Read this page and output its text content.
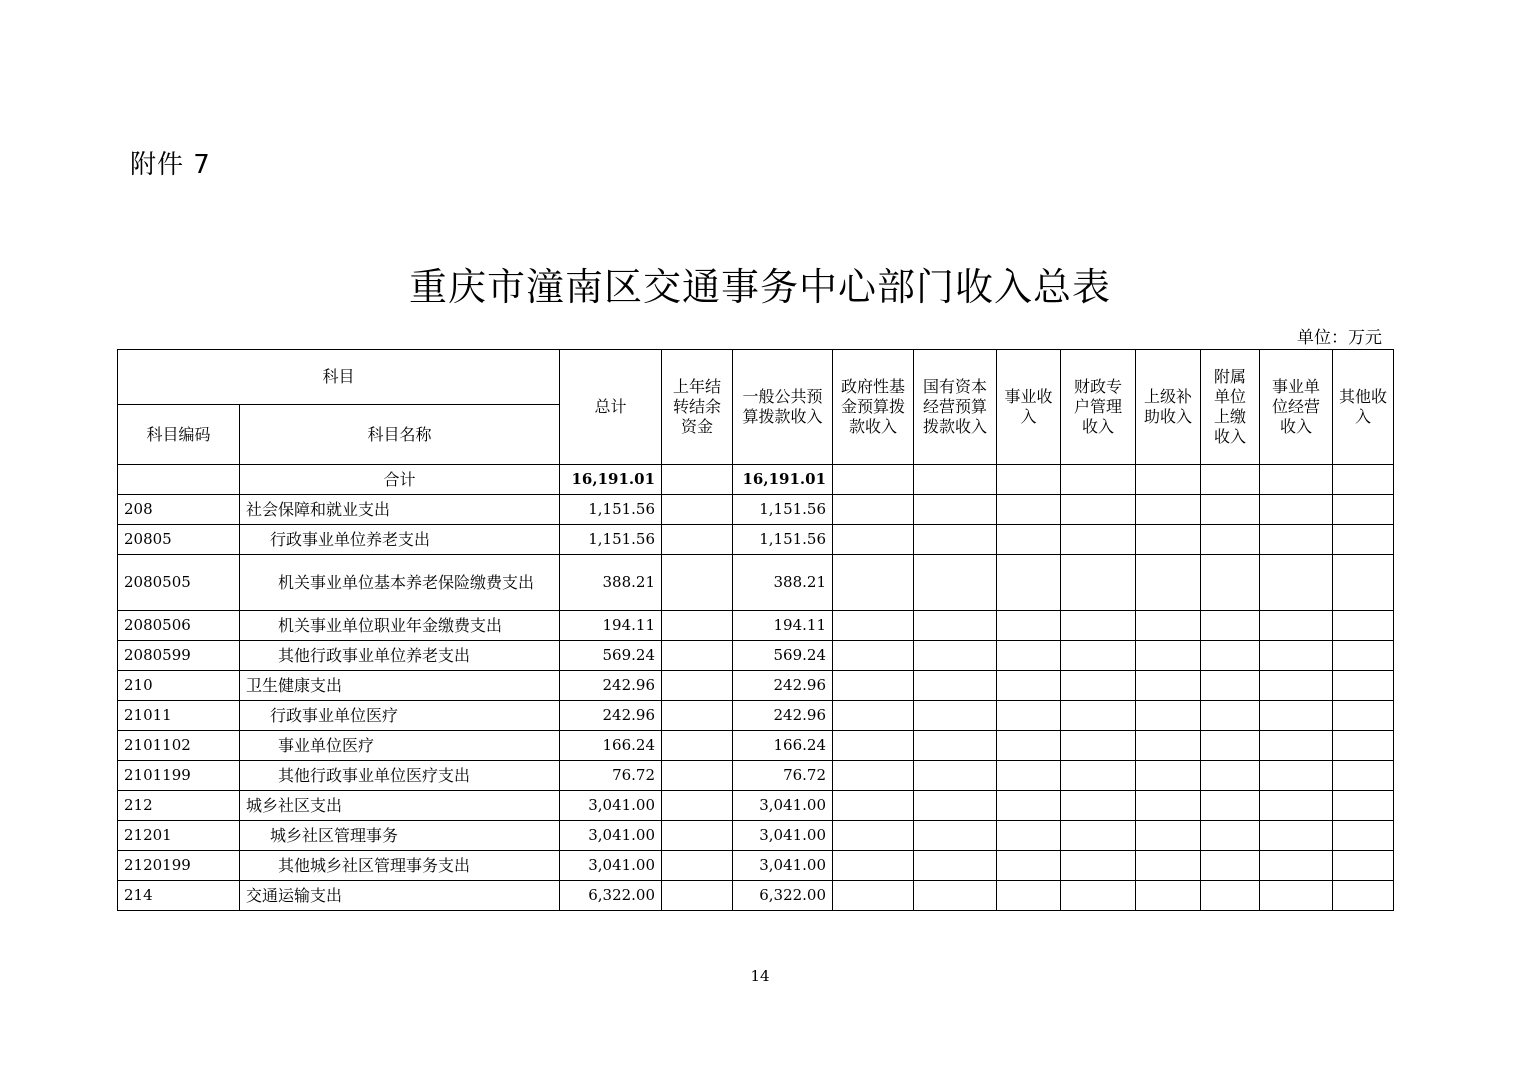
附件 7
重庆市潼南区交通事务中心部门收入总表
单位：万元
科目		总计	上年结转结余资金	一般公共预算拨款收入	政府性基金预算拨款收入	国有资本经营预算拨款收入	事业收入	财政专户管理收入	上级补助收入	附属单位上缴收入	事业单位经营收入	其他收入
科目编码	科目名称											
	合计	16,191.01		16,191.01								
208	社会保障和就业支出	1,151.56		1,151.56								
20805	行政事业单位养老支出	1,151.56		1,151.56								
2080505	机关事业单位基本养老保险缴费支出	388.21		388.21								
2080506	机关事业单位职业年金缴费支出	194.11		194.11								
2080599	其他行政事业单位养老支出	569.24		569.24								
210	卫生健康支出	242.96		242.96								
21011	行政事业单位医疗	242.96		242.96								
2101102	事业单位医疗	166.24		166.24								
2101199	其他行政事业单位医疗支出	76.72		76.72								
212	城乡社区支出	3,041.00		3,041.00								
21201	城乡社区管理事务	3,041.00		3,041.00								
2120199	其他城乡社区管理事务支出	3,041.00		3,041.00								
214	交通运输支出	6,322.00		6,322.00								
14
